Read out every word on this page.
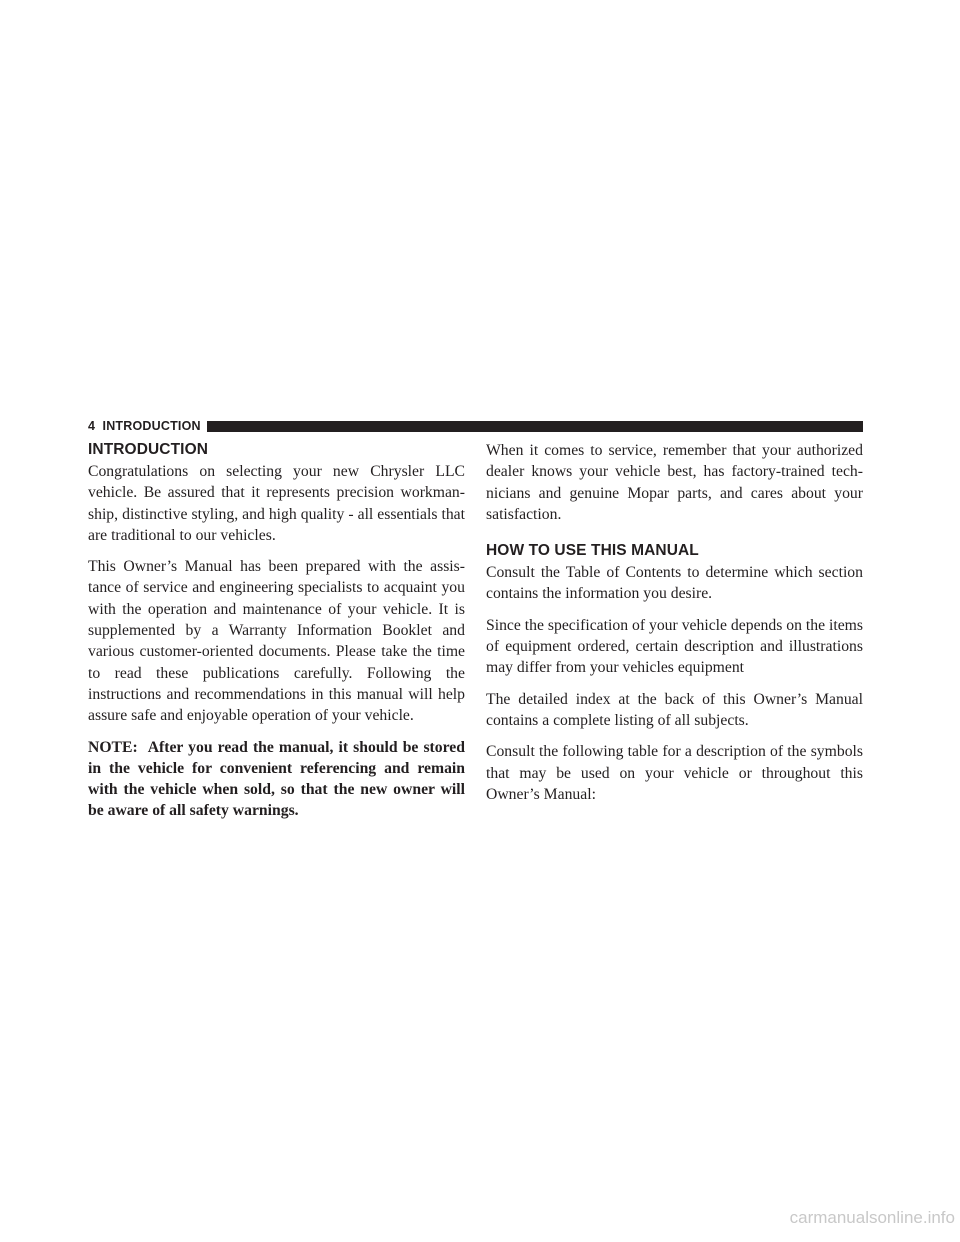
4 INTRODUCTION
INTRODUCTION

Congratulations on selecting your new Chrysler LLC vehicle. Be assured that it represents precision workman-ship, distinctive styling, and high quality - all essentials that are traditional to our vehicles.

This Owner’s Manual has been prepared with the assis-tance of service and engineering specialists to acquaint you with the operation and maintenance of your vehicle. It is supplemented by a Warranty Information Booklet and various customer-oriented documents. Please take the time to read these publications carefully. Following the instructions and recommendations in this manual will help assure safe and enjoyable operation of your vehicle.

NOTE: After you read the manual, it should be stored in the vehicle for convenient referencing and remain with the vehicle when sold, so that the new owner will be aware of all safety warnings.

When it comes to service, remember that your authorized dealer knows your vehicle best, has factory-trained tech-nicians and genuine Mopar parts, and cares about your satisfaction.

HOW TO USE THIS MANUAL

Consult the Table of Contents to determine which section contains the information you desire.

Since the specification of your vehicle depends on the items of equipment ordered, certain description and illustrations may differ from your vehicles equipment

The detailed index at the back of this Owner’s Manual contains a complete listing of all subjects.

Consult the following table for a description of the symbols that may be used on your vehicle or throughout this Owner’s Manual:

carmanualsonline.info
